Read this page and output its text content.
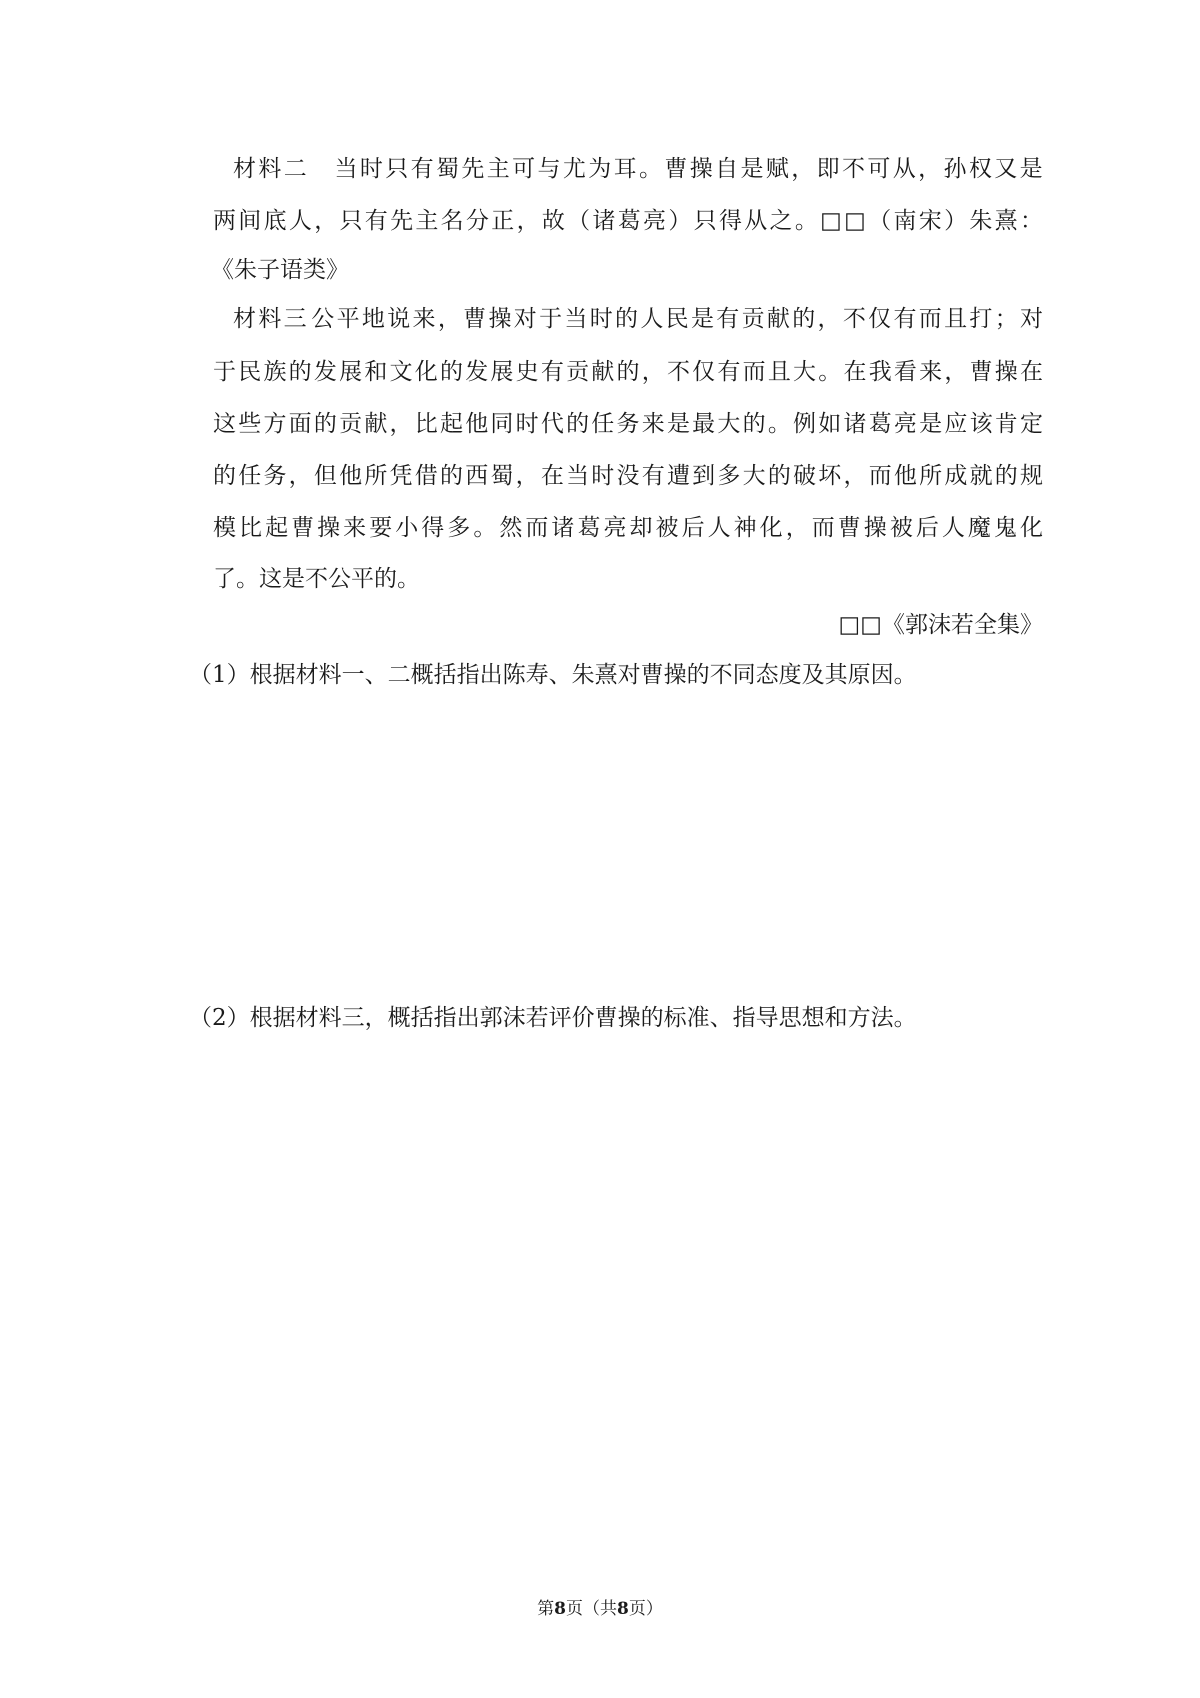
材 料 二
　 当 时 只 有 蜀 先 主 可 与 尤 为 耳 。 曹 操 自 是 赋 ， 即 不 可 从 ， 孙 权 又 是
两 间 底 人 ， 只 有 先 主 名 分 正 ， 故 （ 诸 葛 亮 ） 只 得 从 之 。 □ □ （ 南 宋 ） 朱 熹 ：
《朱子语类》
材 料 三 公 平 地 说 来 ， 曹 操 对 于 当 时 的 人 民 是 有 贡 献 的 ， 不 仅 有 而 且 打 ； 对
于 民 族 的 发 展 和 文 化 的 发 展 史 有 贡 献 的 ， 不 仅 有 而 且 大 。 在 我 看 来 ， 曹 操 在
这 些 方 面 的 贡 献 ， 比 起 他 同 时 代 的 任 务 来 是 最 大 的 。 例 如 诸 葛 亮 是 应 该 肯 定
的 任 务 ， 但 他 所 凭 借 的 西 蜀 ， 在 当 时 没 有 遭 到 多 大 的 破 坏 ， 而 他 所 成 就 的 规
模 比 起 曹 操 来 要 小 得 多 。 然 而 诸 葛 亮 却 被 后 人 神 化 ， 而 曹 操 被 后 人 魔 鬼 化
了。这是不公平的。
□□《郭沫若全集》
（1）根据材料一、二概括指出陈寿、朱熹对曹操的不同态度及其原因。
（2）根据材料三，概括指出郭沫若评价曹操的标准、指导思想和方法。
第8页（共8页）
